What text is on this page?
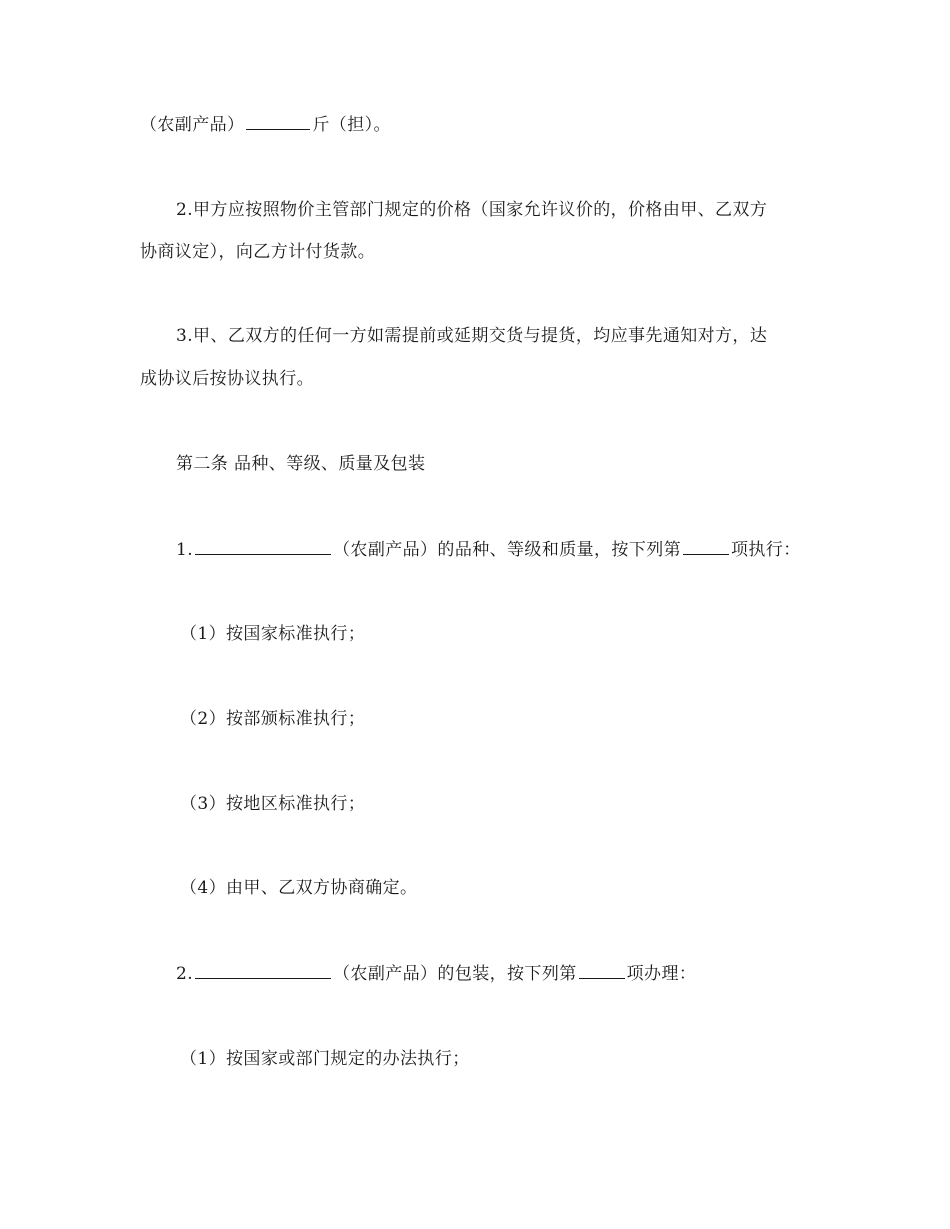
（农副产品）	斤（担）。
2.甲方应按照物价主管部门规定的价格（国家允许议价的，价格由甲、乙双方
协商议定），向乙方计付货款。
3.甲、乙双方的任何一方如需提前或延期交货与提货，均应事先通知对方，达
成协议后按协议执行。
第二条 品种、等级、质量及包装
1.	（农副产品）的品种、等级和质量，按下列第	项执行：
（1）按国家标准执行；
（2）按部颁标准执行；
（3）按地区标准执行；
（4）由甲、乙双方协商确定。
2.	（农副产品）的包装，按下列第	项办理：
（1）按国家或部门规定的办法执行；
